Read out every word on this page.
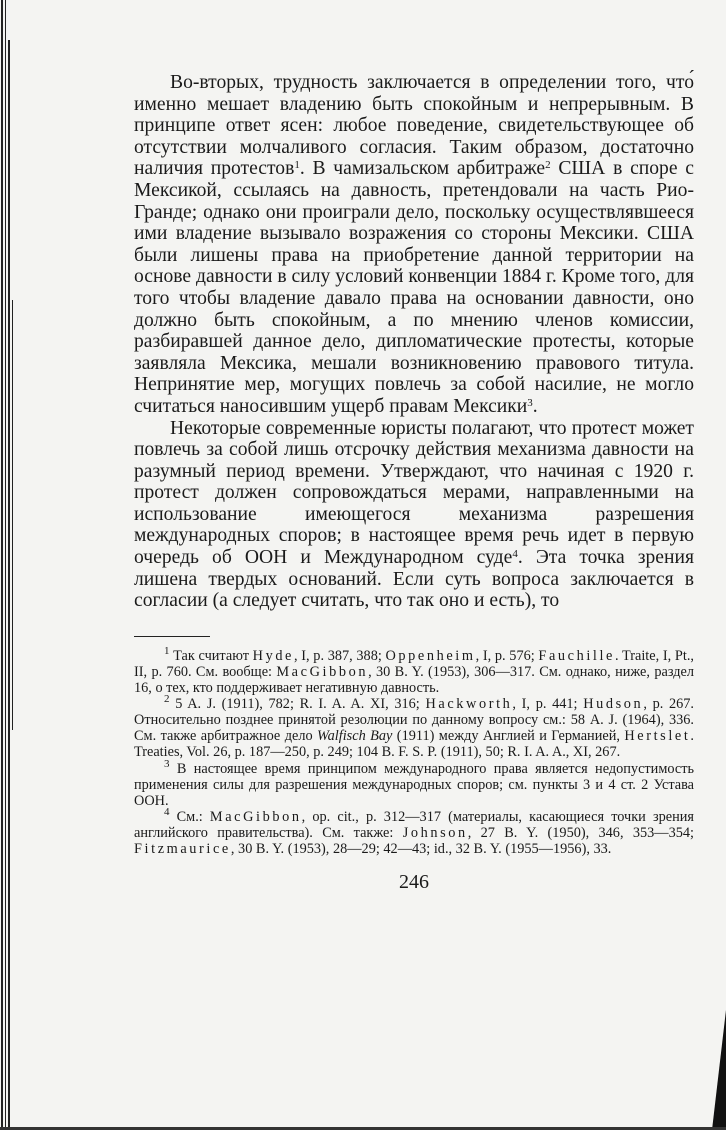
Во-вторых, трудность заключается в определении того, что́ именно мешает владению быть спокойным и непрерывным. В принципе ответ ясен: любое поведение, свидетельствующее об отсутствии молчаливого согласия. Таким образом, достаточно наличия протестов$^1$. В чамизальском арбитраже$^2$ США в споре с Мексикой, ссылаясь на давность, претендовали на часть Рио-Гранде; однако они проиграли дело, поскольку осуществлявшееся ими владение вызывало возражения со стороны Мексики. США были лишены права на приобретение данной территории на основе давности в силу условий конвенции 1884 г. Кроме того, для того чтобы владение давало права на основании давности, оно должно быть спокойным, а по мнению членов комиссии, разбиравшей данное дело, дипломатические протесты, которые заявляла Мексика, мешали возникновению правового титула. Непринятие мер, могущих повлечь за собой насилие, не могло считаться наносившим ущерб правам Мексики$^3$.

Некоторые современные юристы полагают, что протест может повлечь за собой лишь отсрочку действия механизма давности на разумный период времени. Утверждают, что начиная с 1920 г. протест должен сопровождаться мерами, направленными на использование имеющегося механизма разрешения международных споров; в настоящее время речь идет в первую очередь об ООН и Международном суде$^4$. Эта точка зрения лишена твердых оснований. Если суть вопроса заключается в согласии (а следует считать, что так оно и есть), то

$^1$ Так считают Hyde, I, p. 387, 388; Oppenheim, I, p. 576; Fauchille. Traite, I, Pt., II, p. 760. См. вообще: MacGibbon, 30 B. Y. (1953), 306—317. См. однако, ниже, раздел 16, о тех, кто поддерживает негативную давность.

$^2$ 5 A. J. (1911), 782; R. I. A. A. XI, 316; Hackworth, I, p. 441; Hudson, p. 267. Относительно позднее принятой резолюции по данному вопросу см.: 58 A. J. (1964), 336. См. также арбитражное дело Walfisch Bay (1911) между Англией и Германией, Hertslet. Treaties, Vol. 26, p. 187—250, p. 249; 104 B. F. S. P. (1911), 50; R. I. A. A., XI, 267.

$^3$ В настоящее время принципом международного права является недопустимость применения силы для разрешения международных споров; см. пункты 3 и 4 ст. 2 Устава ООН.

$^4$ См.: MacGibbon, op. cit., p. 312—317 (материалы, касающиеся точки зрения английского правительства). См. также: Johnson, 27 B. Y. (1950), 346, 353—354; Fitzmaurice, 30 B. Y. (1953), 28—29; 42—43; id., 32 B. Y. (1955—1956), 33.

246
